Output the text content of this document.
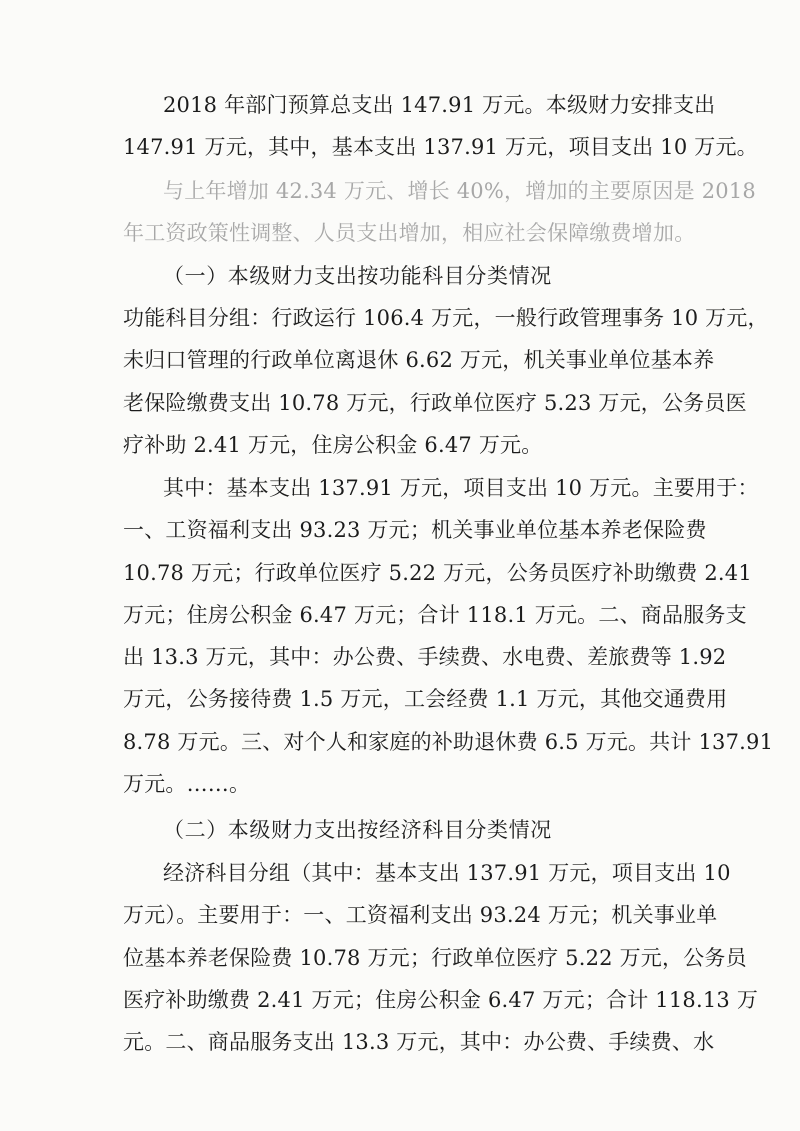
2018 年部门预算总支出 147.91 万元。本级财力安排支出
147.91 万元，其中，基本支出 137.91 万元，项目支出 10 万元。
与上年增加 42.34 万元、增长 40%，增加的主要原因是 2018
年工资政策性调整、人员支出增加，相应社会保障缴费增加。
（一）本级财力支出按功能科目分类情况
功能科目分组：行政运行 106.4 万元，一般行政管理事务 10 万元，
未归口管理的行政单位离退休 6.62 万元，机关事业单位基本养
老保险缴费支出 10.78 万元，行政单位医疗 5.23 万元，公务员医
疗补助 2.41 万元，住房公积金 6.47 万元。
其中：基本支出 137.91 万元，项目支出 10 万元。主要用于：
一、工资福利支出 93.23 万元；机关事业单位基本养老保险费
10.78 万元；行政单位医疗 5.22 万元，公务员医疗补助缴费 2.41
万元；住房公积金 6.47 万元；合计 118.1 万元。二、商品服务支
出 13.3 万元，其中：办公费、手续费、水电费、差旅费等 1.92
万元，公务接待费 1.5 万元，工会经费 1.1 万元，其他交通费用
8.78 万元。三、对个人和家庭的补助退休费 6.5 万元。共计 137.91
万元。……。
（二）本级财力支出按经济科目分类情况
经济科目分组（其中：基本支出 137.91 万元，项目支出 10
万元）。主要用于：一、工资福利支出 93.24 万元；机关事业单
位基本养老保险费 10.78 万元；行政单位医疗 5.22 万元，公务员
医疗补助缴费 2.41 万元；住房公积金 6.47 万元；合计 118.13 万
元。二、商品服务支出 13.3 万元，其中：办公费、手续费、水
